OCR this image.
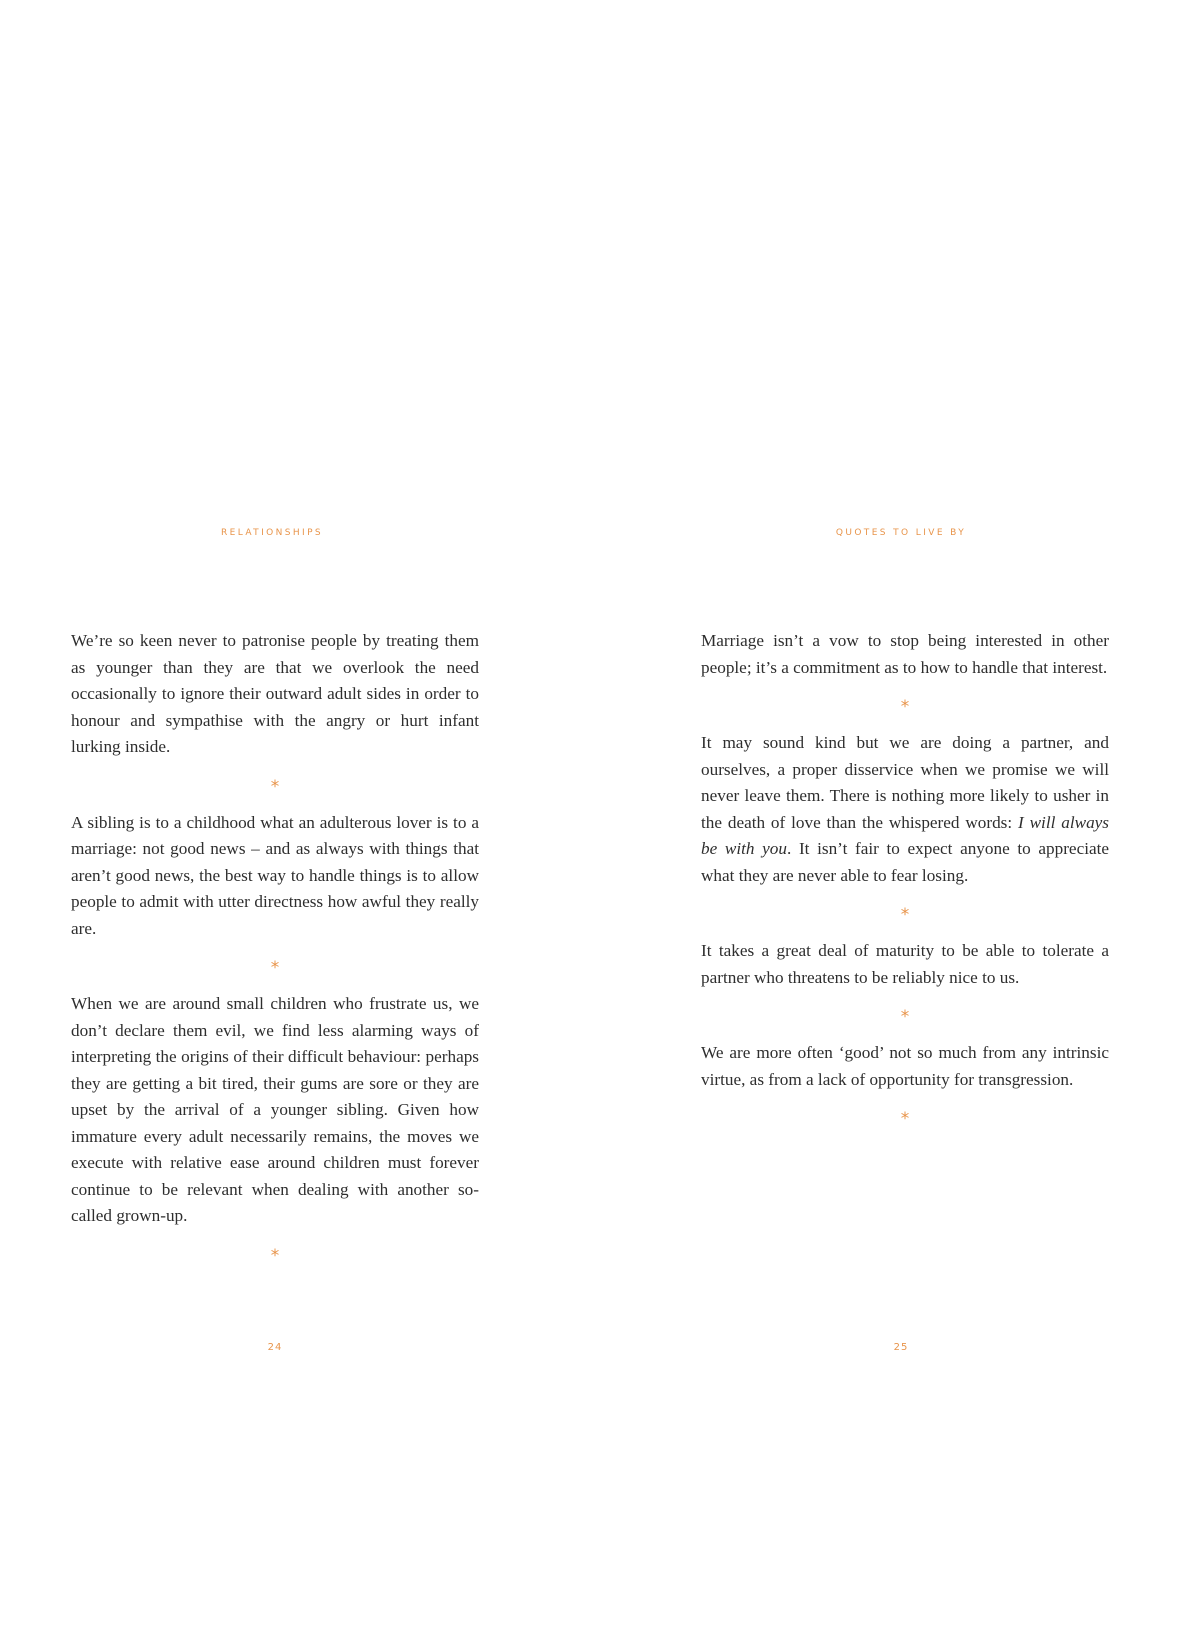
RELATIONSHIPS

We’re so keen never to patronise people by treating them as younger than they are that we overlook the need occasionally to ignore their outward adult sides in order to honour and sympathise with the angry or hurt infant lurking inside.

*

A sibling is to a childhood what an adulterous lover is to a marriage: not good news – and as always with things that aren’t good news, the best way to handle things is to allow people to admit with utter directness how awful they really are.

*

When we are around small children who frustrate us, we don’t declare them evil, we find less alarming ways of interpreting the origins of their difficult behaviour: perhaps they are getting a bit tired, their gums are sore or they are upset by the arrival of a younger sibling. Given how immature every adult necessarily remains, the moves we execute with relative ease around children must forever continue to be relevant when dealing with another so-called grown-up.

*
24
QUOTES TO LIVE BY

Marriage isn’t a vow to stop being interested in other people; it’s a commitment as to how to handle that interest.

*

It may sound kind but we are doing a partner, and ourselves, a proper disservice when we promise we will never leave them. There is nothing more likely to usher in the death of love than the whispered words: I will always be with you. It isn’t fair to expect anyone to appreciate what they are never able to fear losing.

*

It takes a great deal of maturity to be able to tolerate a partner who threatens to be reliably nice to us.

*

We are more often ‘good’ not so much from any intrinsic virtue, as from a lack of opportunity for transgression.

*
25
